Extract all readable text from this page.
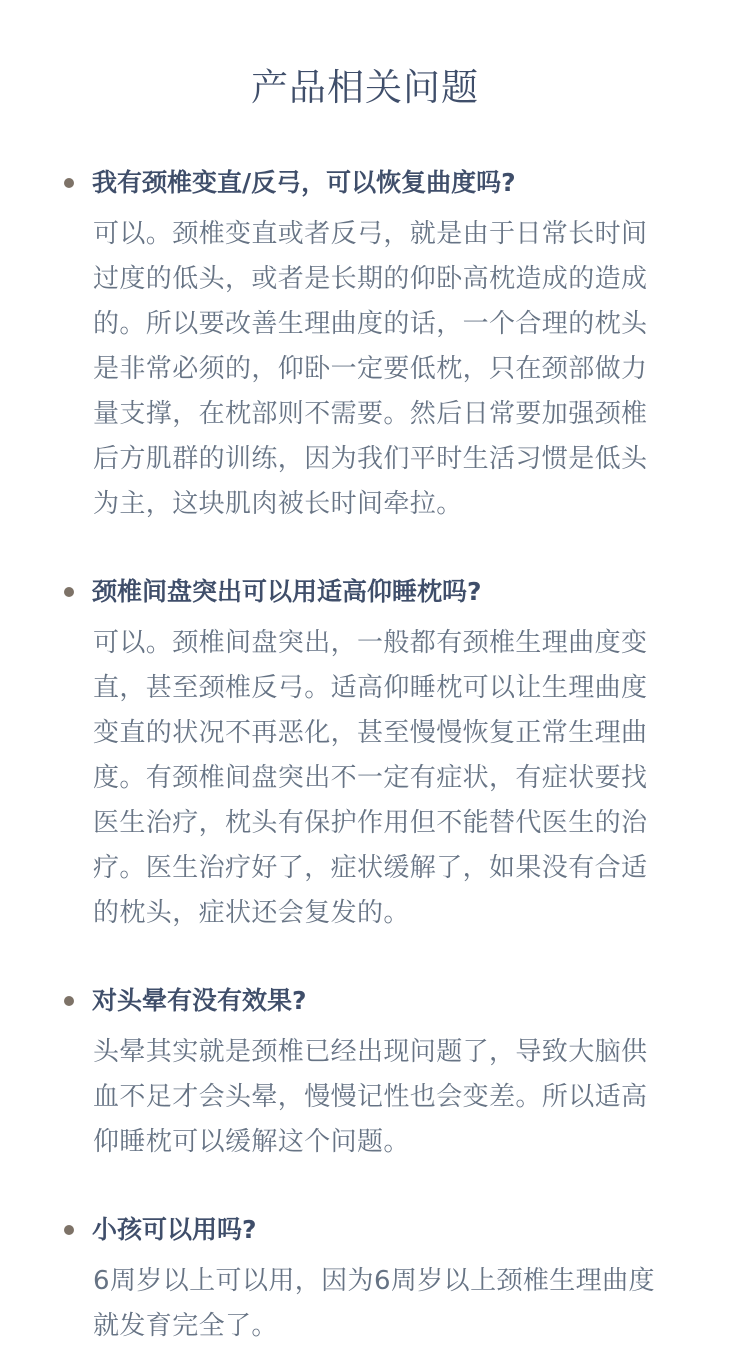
产品相关问题
我有颈椎变直/反弓，可以恢复曲度吗?

可以。颈椎变直或者反弓，就是由于日常长时间过度的低头，或者是长期的仰卧高枕造成的造成的。所以要改善生理曲度的话，一个合理的枕头是非常必须的，仰卧一定要低枕，只在颈部做力量支撑，在枕部则不需要。然后日常要加强颈椎后方肌群的训练，因为我们平时生活习惯是低头为主，这块肌肉被长时间牵拉。

颈椎间盘突出可以用适高仰睡枕吗?

可以。颈椎间盘突出，一般都有颈椎生理曲度变直，甚至颈椎反弓。适高仰睡枕可以让生理曲度变直的状况不再恶化，甚至慢慢恢复正常生理曲度。有颈椎间盘突出不一定有症状，有症状要找医生治疗，枕头有保护作用但不能替代医生的治疗。医生治疗好了，症状缓解了，如果没有合适的枕头，症状还会复发的。

对头晕有没有效果?

头晕其实就是颈椎已经出现问题了，导致大脑供血不足才会头晕，慢慢记性也会变差。所以适高仰睡枕可以缓解这个问题。

小孩可以用吗?

6周岁以上可以用，因为6周岁以上颈椎生理曲度就发育完全了。
